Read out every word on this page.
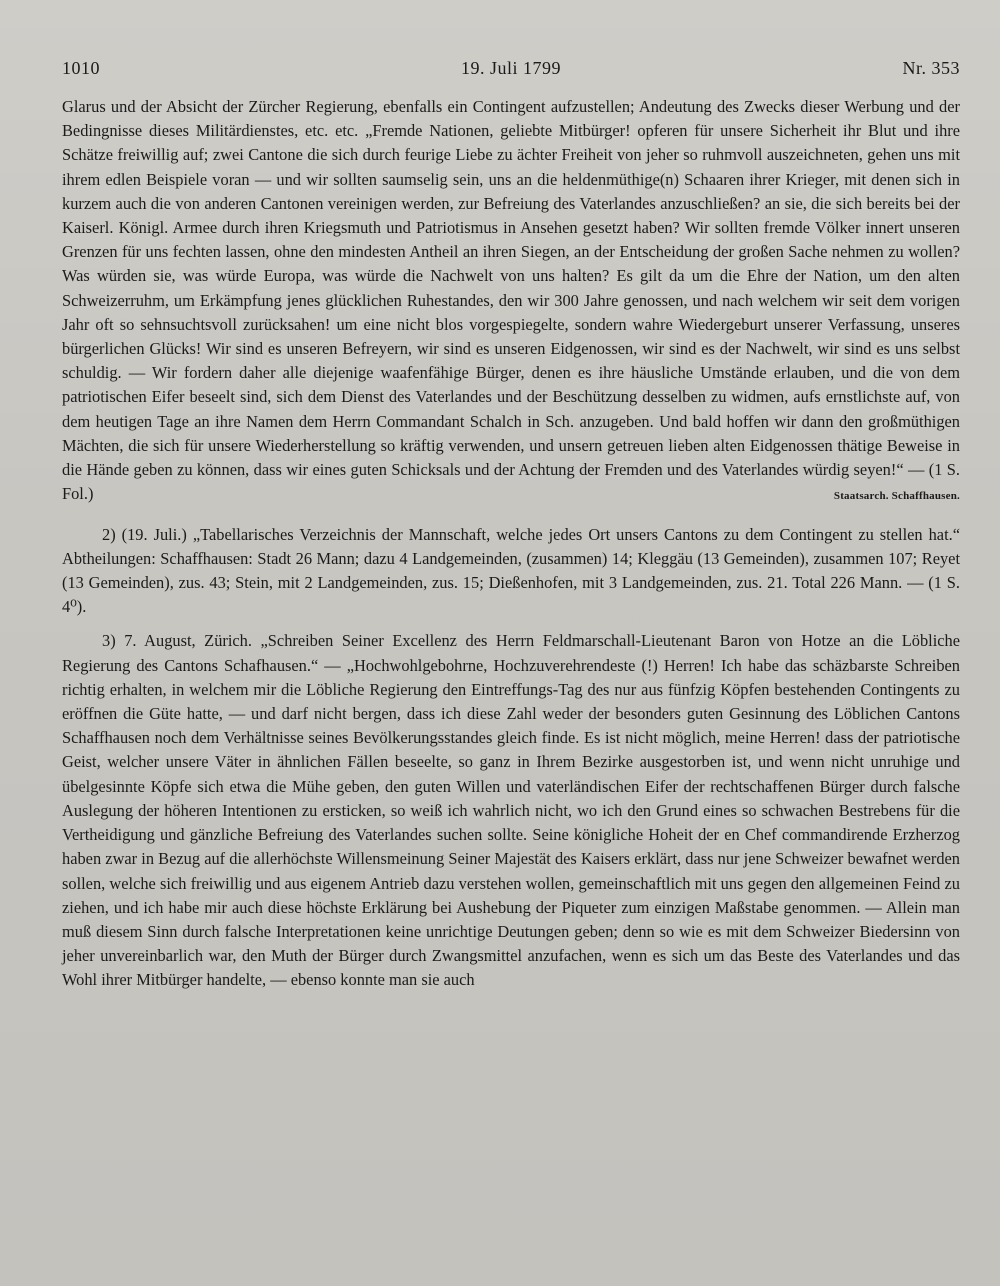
1010	19. Juli 1799	Nr. 353

Glarus und der Absicht der Zürcher Regierung, ebenfalls ein Contingent aufzustellen; Andeutung des Zwecks dieser Werbung und der Bedingnisse dieses Militärdienstes, etc. etc. „Fremde Nationen, geliebte Mitbürger! opferen für unsere Sicherheit ihr Blut und ihre Schätze freiwillig auf; zwei Cantone die sich durch feurige Liebe zu ächter Freiheit von jeher so ruhmvoll auszeichneten, gehen uns mit ihrem edlen Beispiele voran — und wir sollten saumselig sein, uns an die heldenmüthige(n) Schaaren ihrer Krieger, mit denen sich in kurzem auch die von anderen Cantonen vereinigen werden, zur Befreiung des Vaterlandes anzuschließen? an sie, die sich bereits bei der Kaiserl. Königl. Armee durch ihren Kriegsmuth und Patriotismus in Ansehen gesetzt haben? Wir sollten fremde Völker innert unseren Grenzen für uns fechten lassen, ohne den mindesten Antheil an ihren Siegen, an der Entscheidung der großen Sache nehmen zu wollen? Was würden sie, was würde Europa, was würde die Nachwelt von uns halten? Es gilt da um die Ehre der Nation, um den alten Schweizerruhm, um Erkämpfung jenes glücklichen Ruhestandes, den wir 300 Jahre genossen, und nach welchem wir seit dem vorigen Jahr oft so sehnsuchtsvoll zurücksahen! um eine nicht blos vorgespiegelte, sondern wahre Wiedergeburt unserer Verfassung, unseres bürgerlichen Glücks! Wir sind es unseren Befreyern, wir sind es unseren Eidgenossen, wir sind es der Nachwelt, wir sind es uns selbst schuldig. — Wir fordern daher alle diejenige waafenfähige Bürger, denen es ihre häusliche Umstände erlauben, und die von dem patriotischen Eifer beseelt sind, sich dem Dienst des Vaterlandes und der Beschützung desselben zu widmen, aufs ernstlichste auf, von dem heutigen Tage an ihre Namen dem Herrn Commandant Schalch in Sch. anzugeben. Und bald hoffen wir dann den großmüthigen Mächten, die sich für unsere Wiederherstellung so kräftig verwenden, und unsern getreuen lieben alten Eidgenossen thätige Beweise in die Hände geben zu können, dass wir eines guten Schicksals und der Achtung der Fremden und des Vaterlandes würdig seyen!“ — (1 S. Fol.)	Staatsarch. Schaffhausen.

2) (19. Juli.) „Tabellarisches Verzeichnis der Mannschaft, welche jedes Ort unsers Cantons zu dem Contingent zu stellen hat.“ Abtheilungen: Schaffhausen: Stadt 26 Mann; dazu 4 Landgemeinden, (zusammen) 14; Kleggäu (13 Gemeinden), zusammen 107; Reyet (13 Gemeinden), zus. 43; Stein, mit 2 Landgemeinden, zus. 15; Dießenhofen, mit 3 Landgemeinden, zus. 21. Total 226 Mann. — (1 S. 4⁰).

3) 7. August, Zürich. „Schreiben Seiner Excellenz des Herrn Feldmarschall-Lieutenant Baron von Hotze an die Löbliche Regierung des Cantons Schafhausen.“ — „Hochwohlgebohrne, Hochzuverehrendeste (!) Herren! Ich habe das schäzbarste Schreiben richtig erhalten, in welchem mir die Löbliche Regierung den Eintreffungs-Tag des nur aus fünfzig Köpfen bestehenden Contingents zu eröffnen die Güte hatte, — und darf nicht bergen, dass ich diese Zahl weder der besonders guten Gesinnung des Löblichen Cantons Schaffhausen noch dem Verhältnisse seines Bevölkerungsstandes gleich finde. Es ist nicht möglich, meine Herren! dass der patriotische Geist, welcher unsere Väter in ähnlichen Fällen beseelte, so ganz in Ihrem Bezirke ausgestorben ist, und wenn nicht unruhige und übelgesinnte Köpfe sich etwa die Mühe geben, den guten Willen und vaterländischen Eifer der rechtschaffenen Bürger durch falsche Auslegung der höheren Intentionen zu ersticken, so weiß ich wahrlich nicht, wo ich den Grund eines so schwachen Bestrebens für die Vertheidigung und gänzliche Befreiung des Vaterlandes suchen sollte. Seine königliche Hoheit der en Chef commandirende Erzherzog haben zwar in Bezug auf die allerhöchste Willensmeinung Seiner Majestät des Kaisers erklärt, dass nur jene Schweizer bewafnet werden sollen, welche sich freiwillig und aus eigenem Antrieb dazu verstehen wollen, gemeinschaftlich mit uns gegen den allgemeinen Feind zu ziehen, und ich habe mir auch diese höchste Erklärung bei Aushebung der Piqueter zum einzigen Maßstabe genommen. — Allein man muß diesem Sinn durch falsche Interpretationen keine unrichtige Deutungen geben; denn so wie es mit dem Schweizer Biedersinn von jeher unvereinbarlich war, den Muth der Bürger durch Zwangsmittel anzufachen, wenn es sich um das Beste des Vaterlandes und das Wohl ihrer Mitbürger handelte, — ebenso konnte man sie auch
